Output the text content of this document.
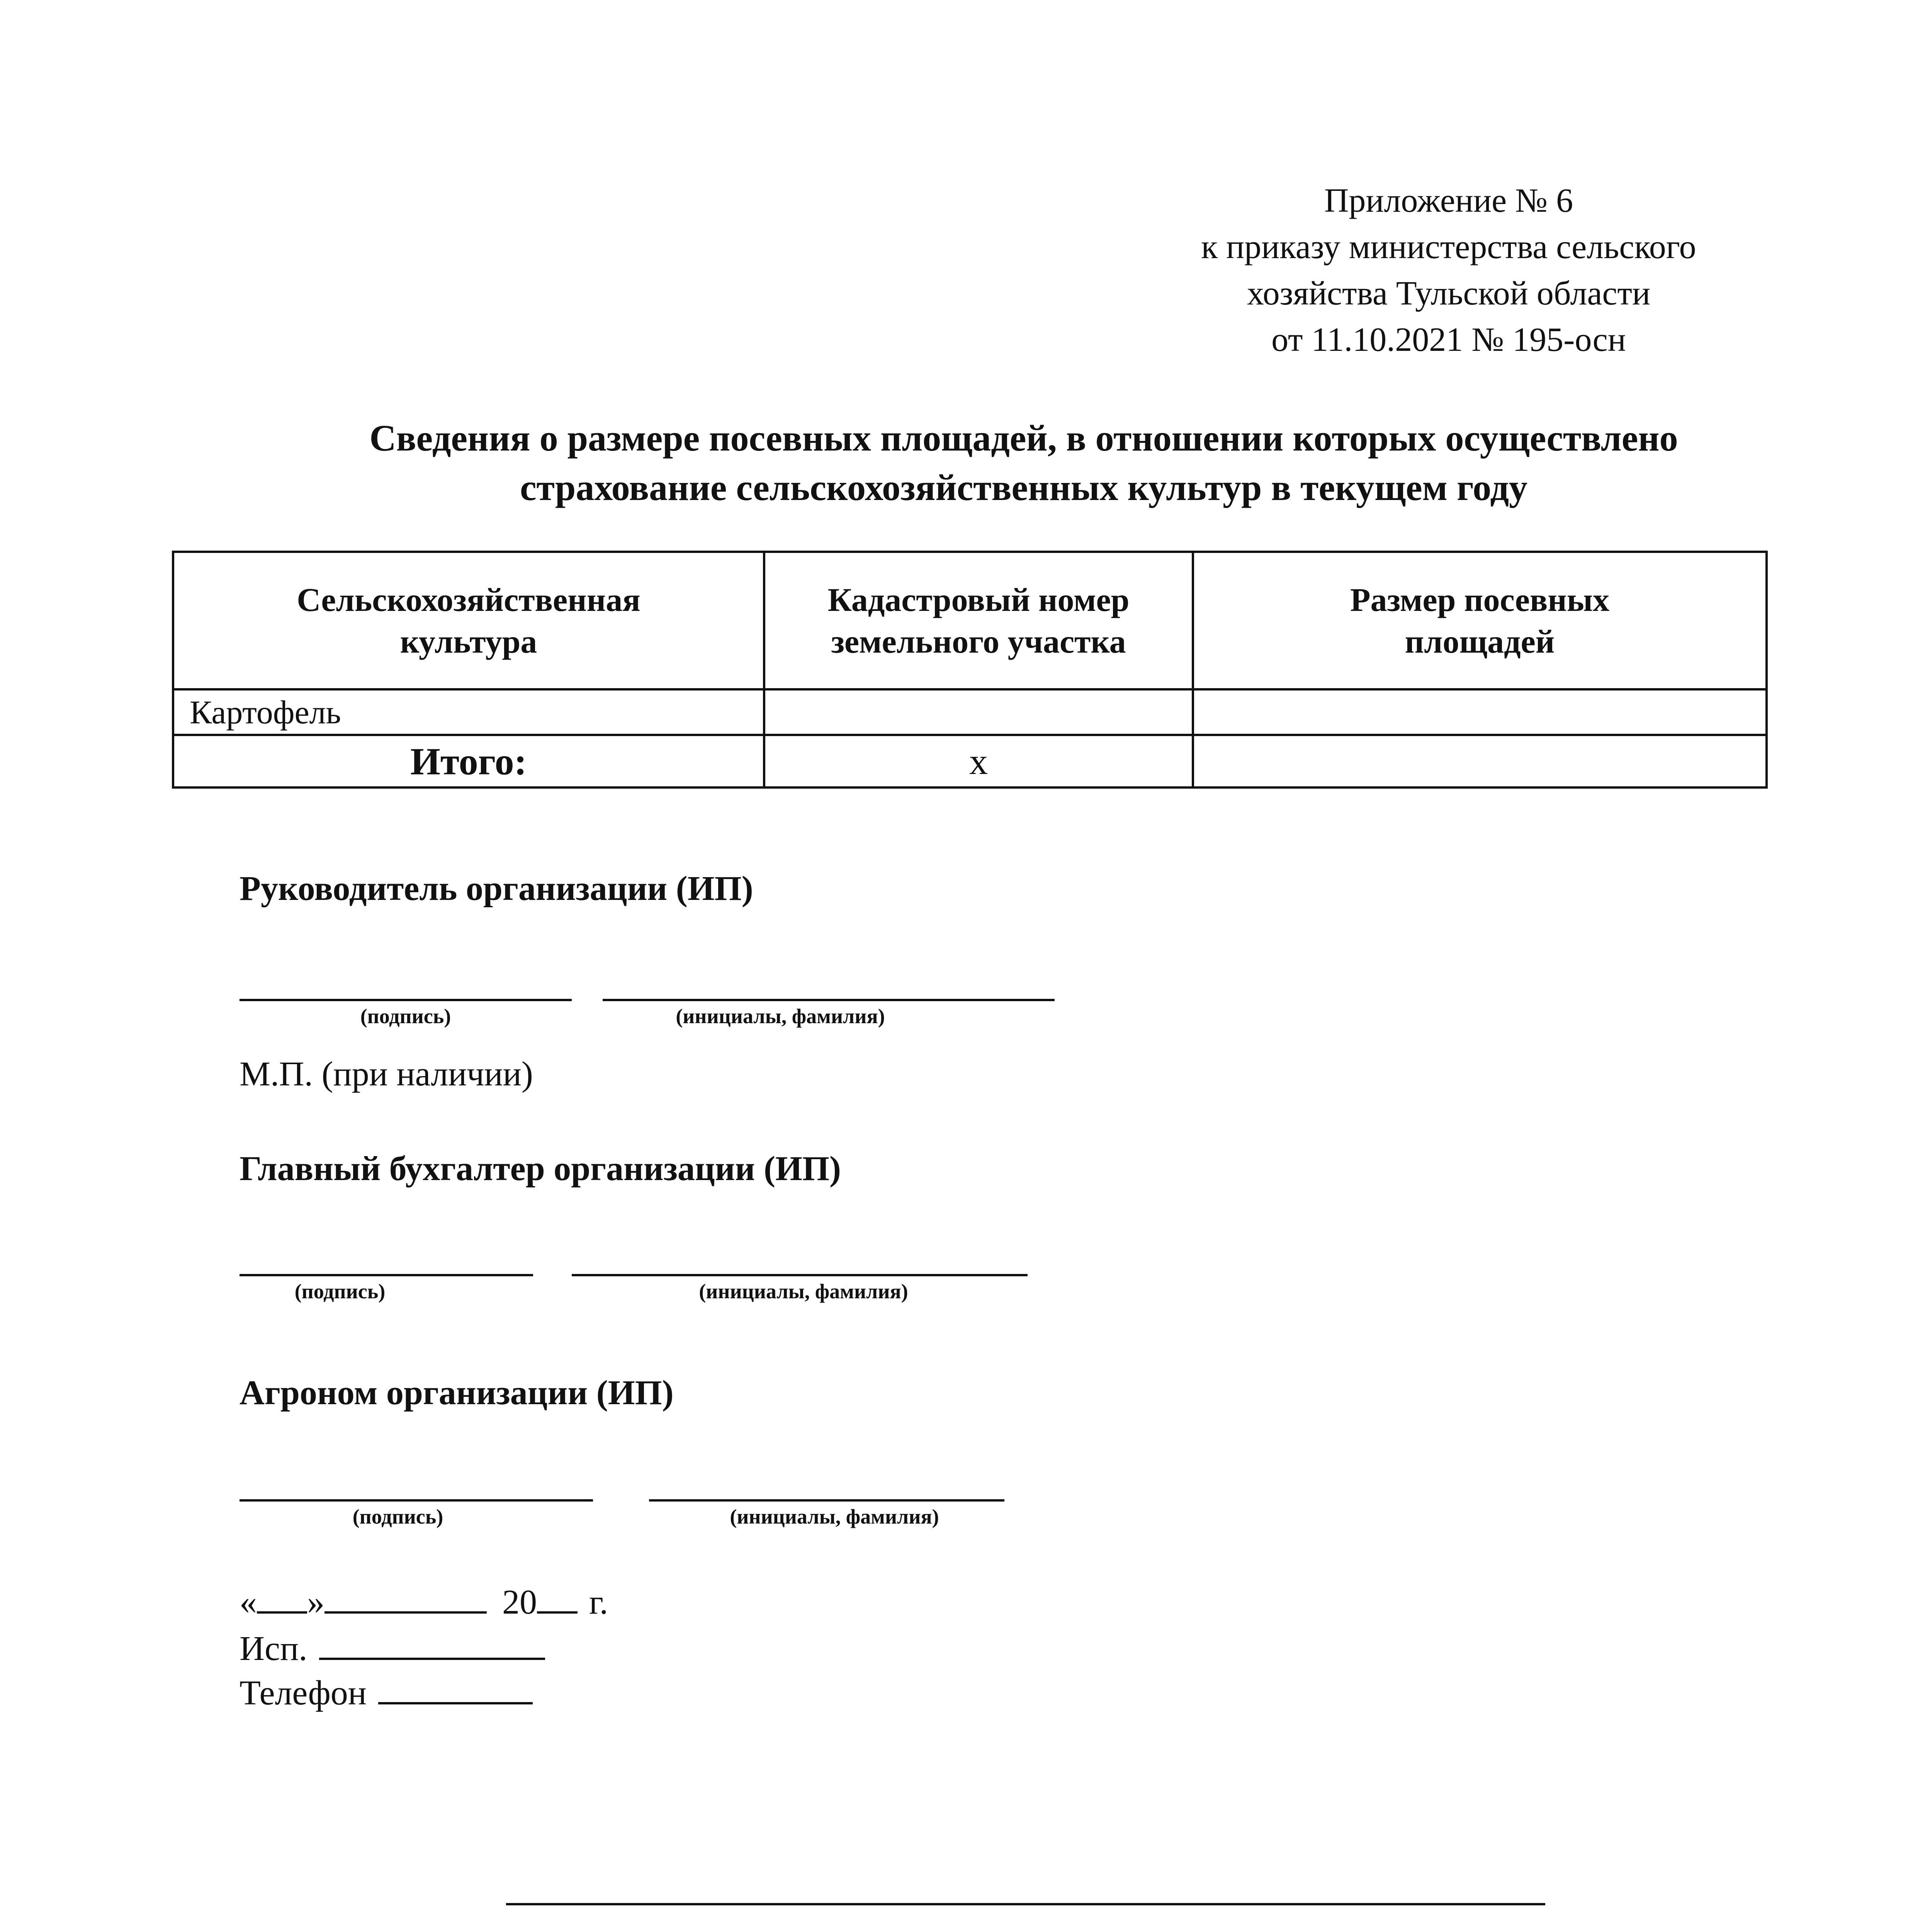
Приложение № 6
к приказу министерства сельского
хозяйства Тульской области
от 11.10.2021 № 195-осн
Сведения о размере посевных площадей, в отношении которых осуществлено
страхование сельскохозяйственных культур в текущем году
Сельскохозяйственная культура	Кадастровый номер земельного участка	Размер посевных площадей
Картофель		
Итого:	х	
Руководитель организации (ИП)
(подпись)	(инициалы, фамилия)
М.П. (при наличии)
Главный бухгалтер организации (ИП)
(подпись)	(инициалы, фамилия)
Агроном организации (ИП)
(подпись)	(инициалы, фамилия)
« »	20 г.
Исп.
Телефон
